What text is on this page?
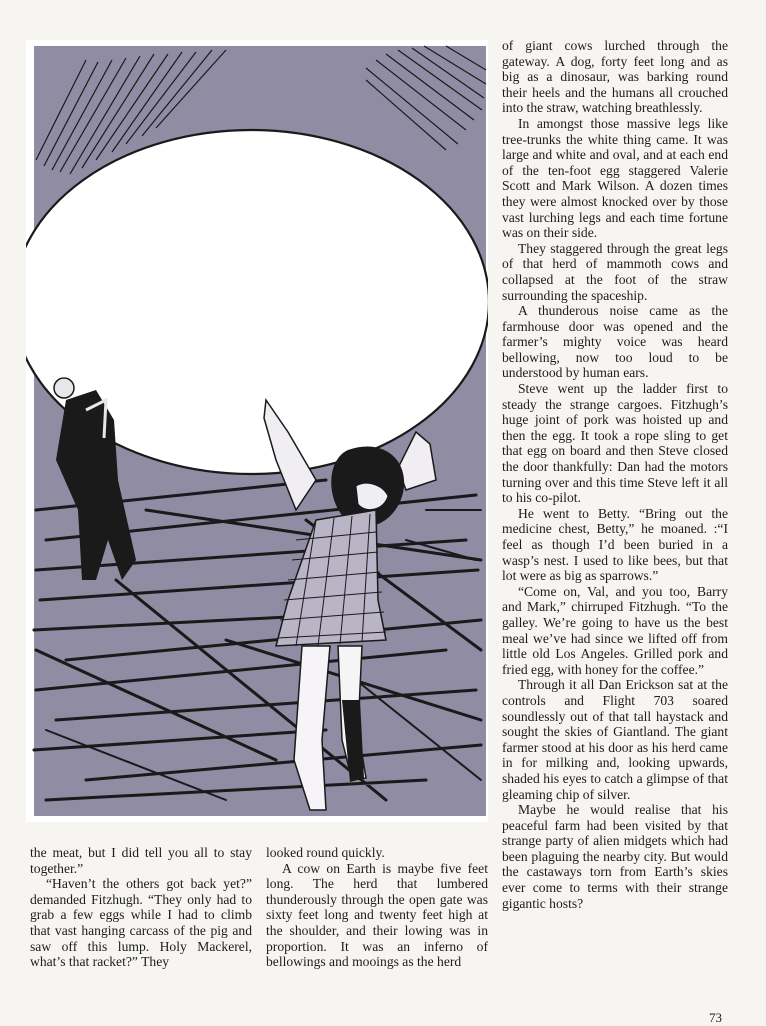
the meat, but I did tell you all to stay together.”

“Haven’t the others got back yet?” demanded Fitzhugh. “They only had to grab a few eggs while I had to climb that vast hanging carcass of the pig and saw off this lump. Holy Mackerel, what’s that racket?” They

looked round quickly.

A cow on Earth is maybe five feet long. The herd that lumbered thunderously through the open gate was sixty feet long and twenty feet high at the shoulder, and their lowing was in proportion. It was an inferno of bellowings and mooings as the herd

of giant cows lurched through the gateway. A dog, forty feet long and as big as a dinosaur, was barking round their heels and the humans all crouched into the straw, watching breathlessly.

In amongst those massive legs like tree-trunks the white thing came. It was large and white and oval, and at each end of the ten-foot egg staggered Valerie Scott and Mark Wilson. A dozen times they were almost knocked over by those vast lurching legs and each time fortune was on their side.

They staggered through the great legs of that herd of mammoth cows and collapsed at the foot of the straw surrounding the spaceship.

A thunderous noise came as the farmhouse door was opened and the farmer’s mighty voice was heard bellowing, now too loud to be understood by human ears.

Steve went up the ladder first to steady the strange cargoes. Fitzhugh’s huge joint of pork was hoisted up and then the egg. It took a rope sling to get that egg on board and then Steve closed the door thankfully: Dan had the motors turning over and this time Steve left it all to his co-pilot.

He went to Betty. “Bring out the medicine chest, Betty,” he moaned. :“I feel as though I’d been buried in a wasp’s nest. I used to like bees, but that lot were as big as sparrows.”

“Come on, Val, and you too, Barry and Mark,” chirruped Fitzhugh. “To the galley. We’re going to have us the best meal we’ve had since we lifted off from little old Los Angeles. Grilled pork and fried egg, with honey for the coffee.”

Through it all Dan Erickson sat at the controls and Flight 703 soared soundlessly out of that tall haystack and sought the skies of Giantland. The giant farmer stood at his door as his herd came in for milking and, looking upwards, shaded his eyes to catch a glimpse of that gleaming chip of silver.

Maybe he would realise that his peaceful farm had been visited by that strange party of alien midgets which had been plaguing the nearby city. But would the castaways torn from Earth’s skies ever come to terms with their strange gigantic hosts?

73
